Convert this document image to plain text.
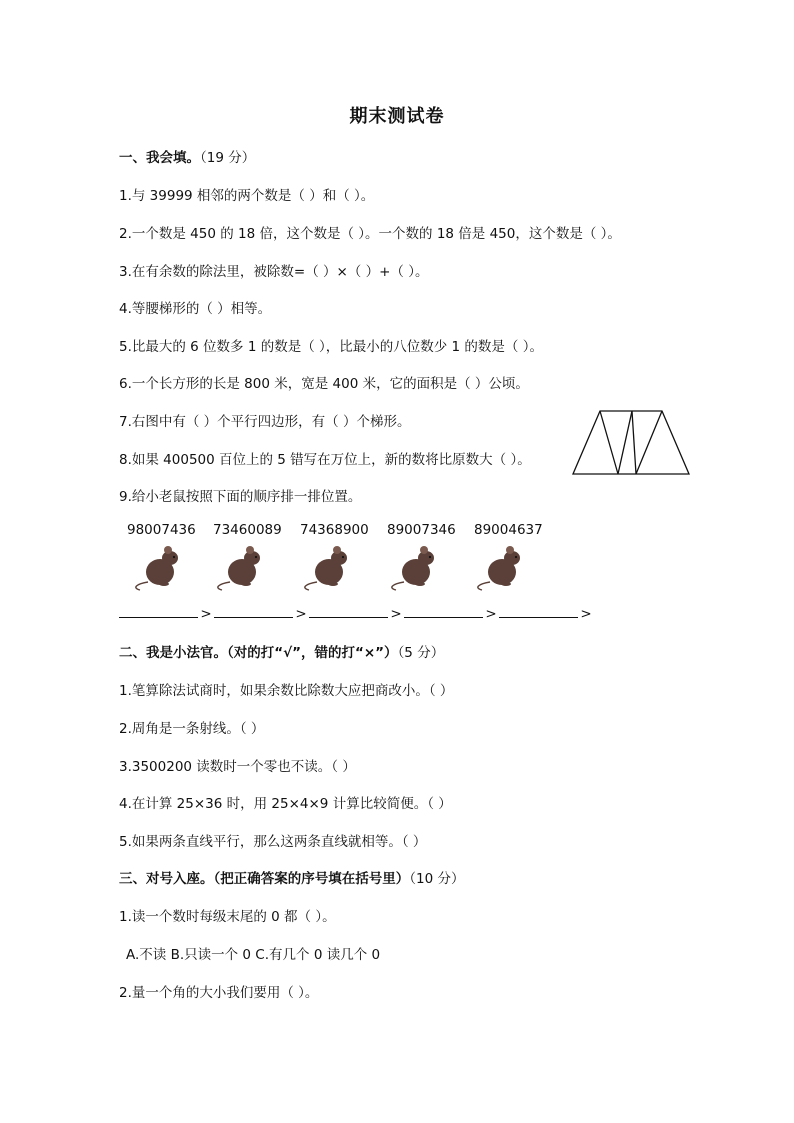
期末测试卷
一、我会填。（19 分）
1.与 39999 相邻的两个数是（ ）和（ ）。
2.一个数是 450 的 18 倍，这个数是（ ）。一个数的 18 倍是 450，这个数是（ ）。
3.在有余数的除法里，被除数=（ ）×（ ）+（ ）。
4.等腰梯形的（ ）相等。
5.比最大的 6 位数多 1 的数是（ ），比最小的八位数少 1 的数是（ ）。
6.一个长方形的长是 800 米，宽是 400 米，它的面积是（ ）公顷。
7.右图中有（ ）个平行四边形，有（ ）个梯形。
8.如果 400500 百位上的 5 错写在万位上，新的数将比原数大（ ）。
9.给小老鼠按照下面的顺序排一排位置。
98007436 73460089 74368900 89007346 89004637
>	>	>	>	>
二、我是小法官。（对的打“√”，错的打“×”）（5 分）
1.笔算除法试商时，如果余数比除数大应把商改小。（ ）
2.周角是一条射线。（ ）
3.3500200 读数时一个零也不读。（ ）
4.在计算 25×36 时，用 25×4×9 计算比较简便。（ ）
5.如果两条直线平行，那么这两条直线就相等。（ ）
三、对号入座。（把正确答案的序号填在括号里）（10 分）
1.读一个数时每级末尾的 0 都（ ）。
A.不读 B.只读一个 0 C.有几个 0 读几个 0
2.量一个角的大小我们要用（ ）。
